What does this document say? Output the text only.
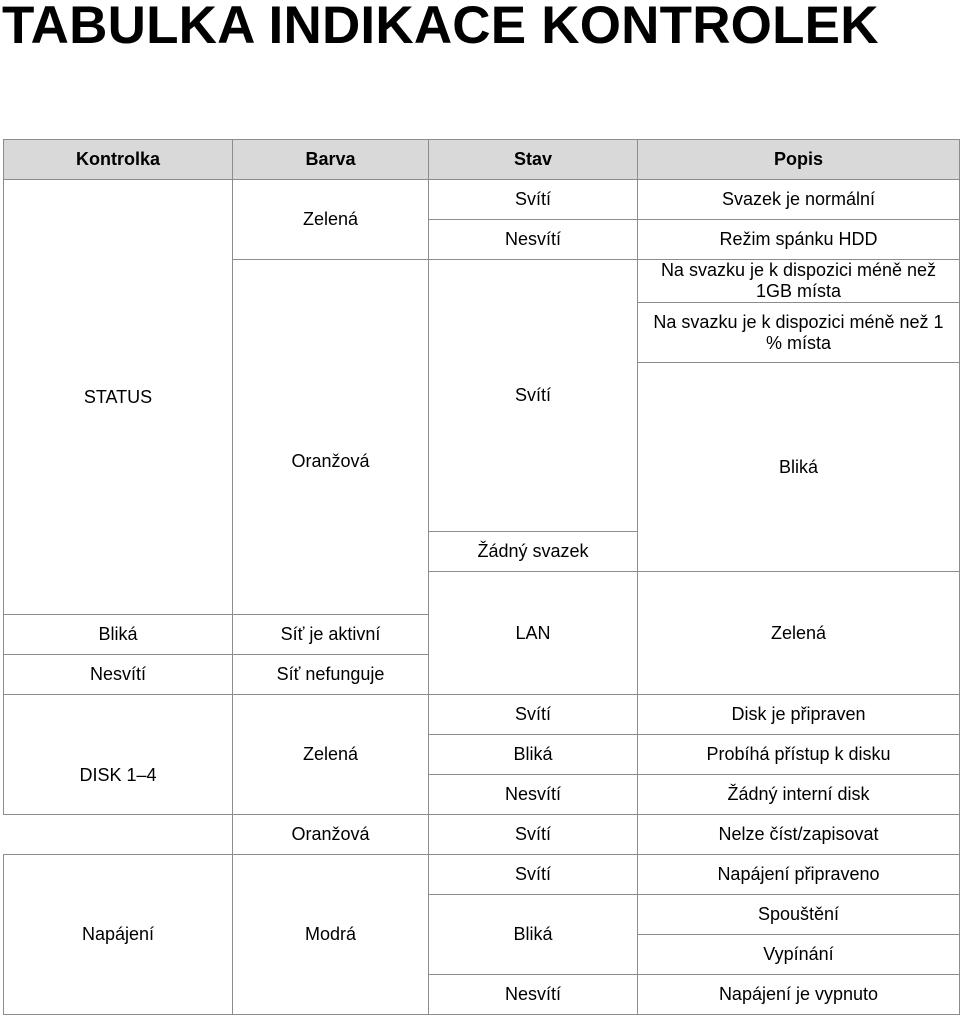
TABULKA INDIKACE KONTROLEK
Kontrolka	Barva	Stav	Popis	
STATUS	Zelená	Svítí	Svazek je normální	
		Nesvítí	Režim spánku HDD	
	Oranžová	Svítí	Na svazku je k dispozici méně než 1GB místa	
			Na svazku je k dispozici méně než 1 % místa	
			Bliká	
		Žádný svazek		
		LAN	Zelená		
Bliká	Síť je aktivní			
Nesvítí	Síť nefunguje			
DISK 1–4	Zelená	Svítí	Disk je připraven	
		Bliká	Probíhá přístup k disku	
		Nesvítí	Žádný interní disk	
	Oranžová	Svítí	Nelze číst/zapisovat	
Napájení	Modrá	Svítí	Napájení připraveno	
		Bliká	Spouštění	
			Vypínání	
		Nesvítí	Napájení je vypnuto	
